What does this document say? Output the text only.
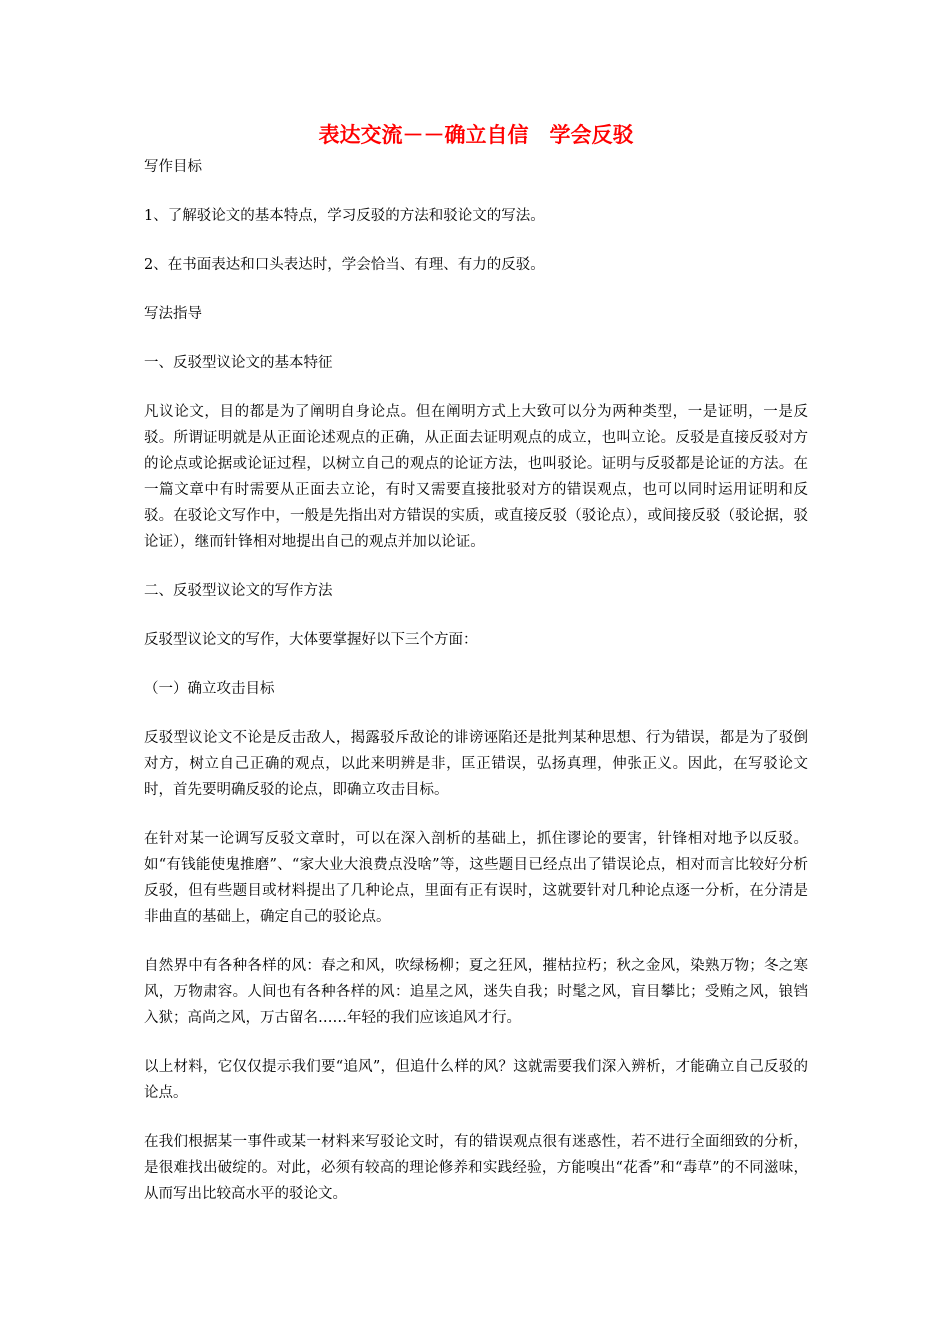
表达交流－－确立自信　学会反驳

写作目标

1、了解驳论文的基本特点，学习反驳的方法和驳论文的写法。

2、在书面表达和口头表达时，学会恰当、有理、有力的反驳。

写法指导

一、反驳型议论文的基本特征

凡议论文，目的都是为了阐明自身论点。但在阐明方式上大致可以分为两种类型，一是证明，一是反驳。所谓证明就是从正面论述观点的正确，从正面去证明观点的成立，也叫立论。反驳是直接反驳对方的论点或论据或论证过程，以树立自己的观点的论证方法，也叫驳论。证明与反驳都是论证的方法。在一篇文章中有时需要从正面去立论，有时又需要直接批驳对方的错误观点，也可以同时运用证明和反驳。在驳论文写作中，一般是先指出对方错误的实质，或直接反驳（驳论点），或间接反驳（驳论据，驳论证），继而针锋相对地提出自己的观点并加以论证。

二、反驳型议论文的写作方法

反驳型议论文的写作，大体要掌握好以下三个方面：

（一）确立攻击目标

反驳型议论文不论是反击敌人，揭露驳斥敌论的诽谤诬陷还是批判某种思想、行为错误，都是为了驳倒对方，树立自己正确的观点，以此来明辨是非，匡正错误，弘扬真理，伸张正义。因此，在写驳论文时，首先要明确反驳的论点，即确立攻击目标。

在针对某一论调写反驳文章时，可以在深入剖析的基础上，抓住谬论的要害，针锋相对地予以反驳。如“有钱能使鬼推磨”、“家大业大浪费点没啥”等，这些题目已经点出了错误论点，相对而言比较好分析反驳，但有些题目或材料提出了几种论点，里面有正有误时，这就要针对几种论点逐一分析，在分清是非曲直的基础上，确定自己的驳论点。

自然界中有各种各样的风：春之和风，吹绿杨柳；夏之狂风，摧枯拉朽；秋之金风，染熟万物；冬之寒风，万物肃容。人间也有各种各样的风：追星之风，迷失自我；时髦之风，盲目攀比；受贿之风，锒铛入狱；高尚之风，万古留名……年轻的我们应该追风才行。

以上材料，它仅仅提示我们要“追风”，但追什么样的风？这就需要我们深入辨析，才能确立自己反驳的论点。

在我们根据某一事件或某一材料来写驳论文时，有的错误观点很有迷惑性，若不进行全面细致的分析，是很难找出破绽的。对此，必须有较高的理论修养和实践经验，方能嗅出“花香”和“毒草”的不同滋味，从而写出比较高水平的驳论文。
